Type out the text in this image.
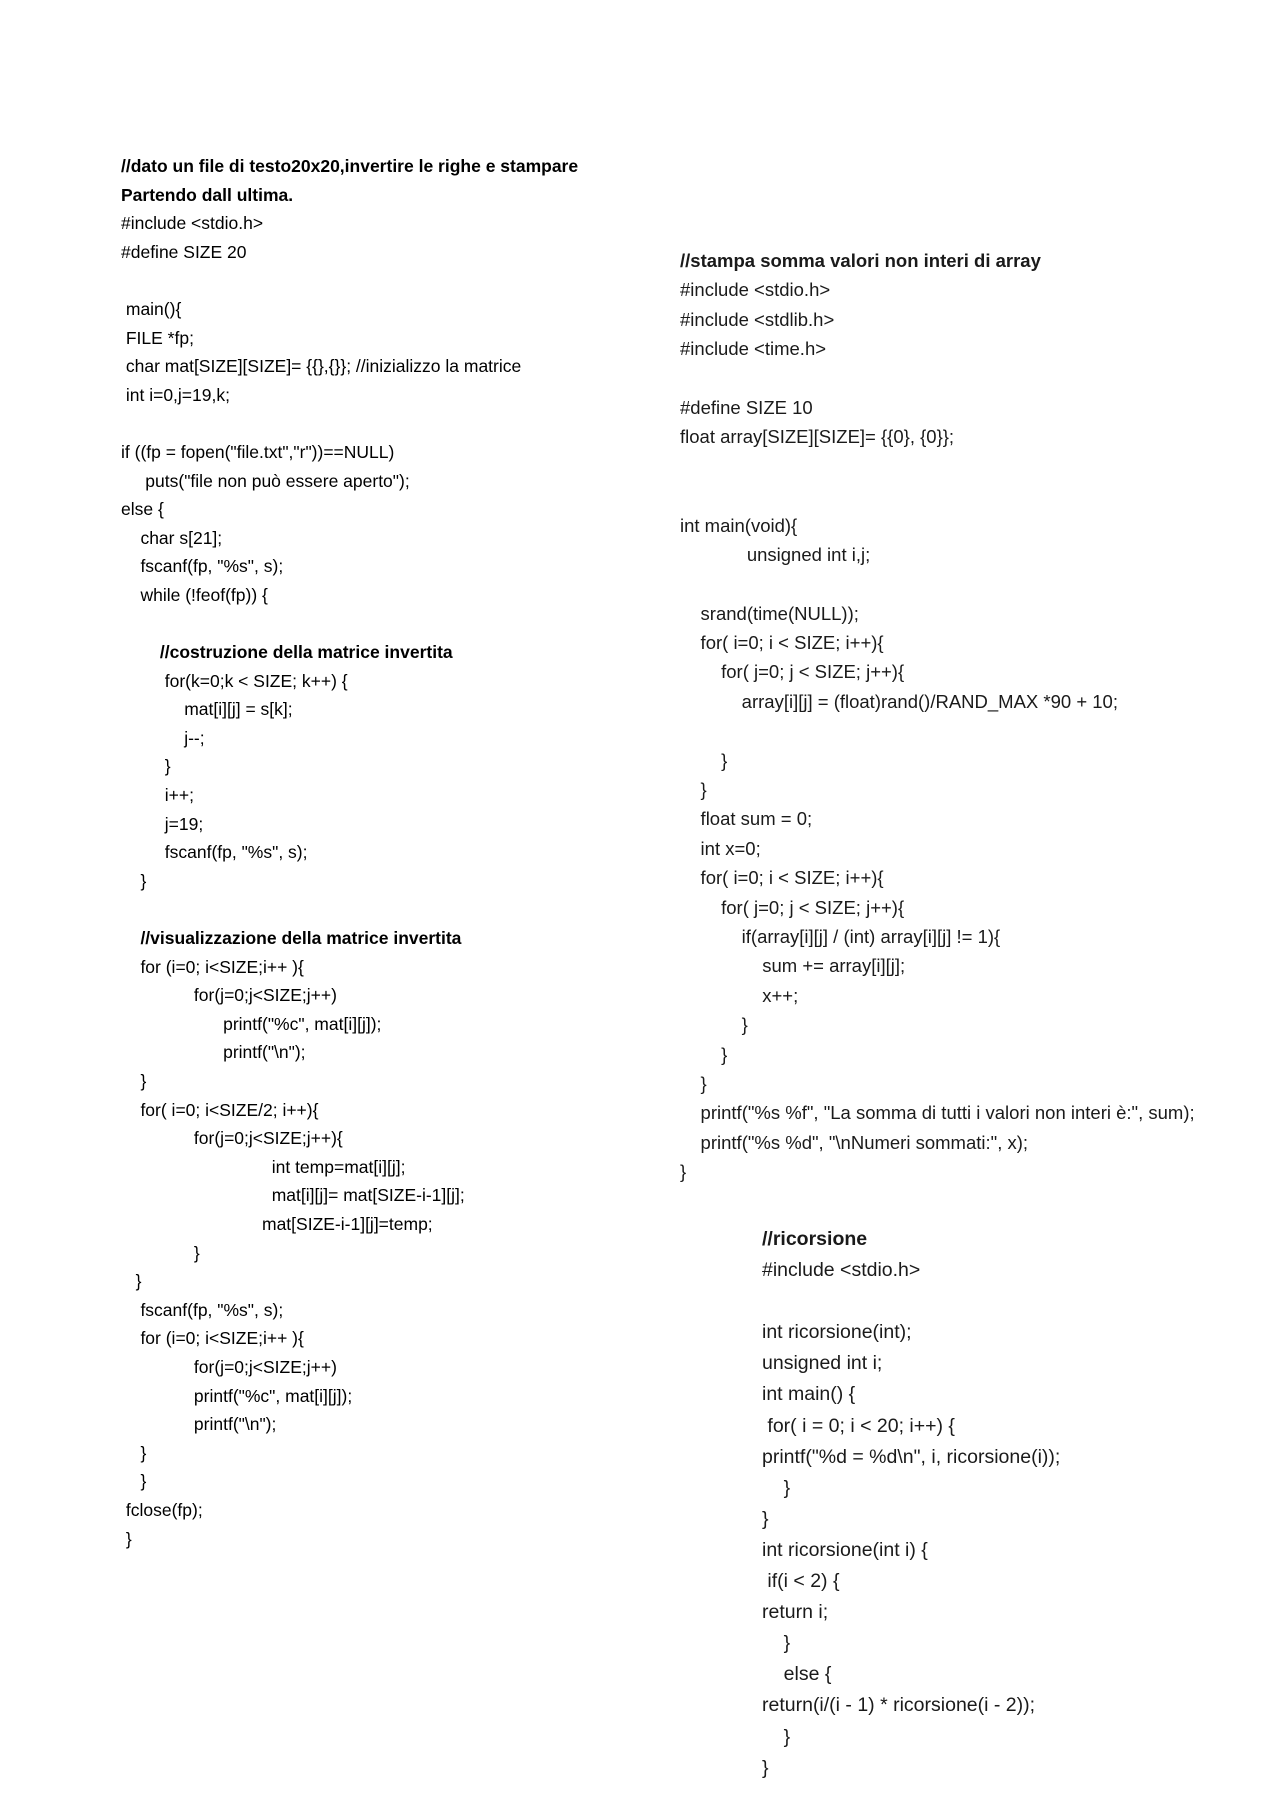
//dato un file di testo20x20,invertire le righe e stampare
Partendo dall ultima.
#include <stdio.h>
#define SIZE 20
main(){
FILE *fp;
char mat[SIZE][SIZE]= {{},{}}; //inizializzo la matrice
int i=0,j=19,k;
if ((fp = fopen("file.txt","r"))==NULL)
puts("file non può essere aperto");
else {
char s[21];
fscanf(fp, "%s", s);
while (!feof(fp)) {
//costruzione della matrice invertita
for(k=0;k < SIZE; k++) {
mat[i][j] = s[k];
j--;
}
i++;
j=19;
fscanf(fp, "%s", s);
}
//visualizzazione della matrice invertita
for (i=0; i<SIZE;i++ ){
for(j=0;j<SIZE;j++)
printf("%c", mat[i][j]);
printf("\n");
}
for( i=0; i<SIZE/2; i++){
for(j=0;j<SIZE;j++){
int temp=mat[i][j];
mat[i][j]= mat[SIZE-i-1][j];
mat[SIZE-i-1][j]=temp;
}
}
fscanf(fp, "%s", s);
for (i=0; i<SIZE;i++ ){
for(j=0;j<SIZE;j++)
printf("%c", mat[i][j]);
printf("\n");
}
}
fclose(fp);
}
//stampa somma valori non interi di array
#include <stdio.h>
#include <stdlib.h>
#include <time.h>
#define SIZE 10
float array[SIZE][SIZE]= {{0}, {0}};
int main(void){
unsigned int i,j;
srand(time(NULL));
for( i=0; i < SIZE; i++){
for( j=0; j < SIZE; j++){
array[i][j] = (float)rand()/RAND_MAX *90 + 10;
}
}
float sum = 0;
int x=0;
for( i=0; i < SIZE; i++){
for( j=0; j < SIZE; j++){
if(array[i][j] / (int) array[i][j] != 1){
sum += array[i][j];
x++;
}
}
}
printf("%s %f", "La somma di tutti i valori non interi è:", sum);
printf("%s %d", "\nNumeri sommati:", x);
}
//ricorsione
#include <stdio.h>
int ricorsione(int);
unsigned int i;
int main() {
for( i = 0; i < 20; i++) {
printf("%d = %d\n", i, ricorsione(i));
}
}
int ricorsione(int i) {
if(i < 2) {
return i;
}
else {
return(i/(i - 1) * ricorsione(i - 2));
}
}
